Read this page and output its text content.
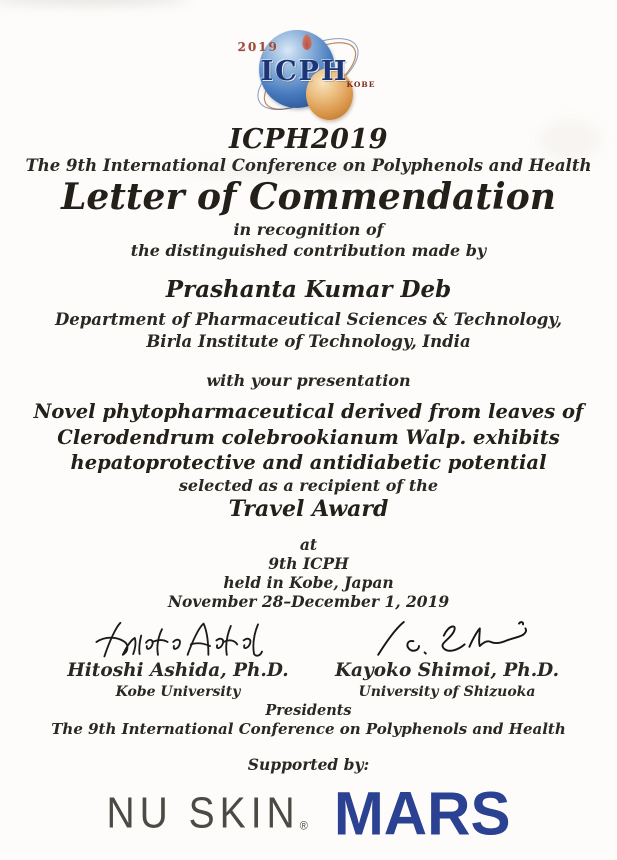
2019
ICPH
KOBE
ICPH2019
The 9th International Conference on Polyphenols and Health
Letter of Commendation
in recognition of
the distinguished contribution made by
Prashanta Kumar Deb
Department of Pharmaceutical Sciences & Technology,
Birla Institute of Technology, India
with your presentation
Novel phytopharmaceutical derived from leaves of
Clerodendrum colebrookianum Walp. exhibits
hepatoprotective and antidiabetic potential
selected as a recipient of the
Travel Award
at
9th ICPH
held in Kobe, Japan
November 28–December 1, 2019
Hitoshi Ashida, Ph.D.
Kobe University
Kayoko Shimoi, Ph.D.
University of Shizuoka
Presidents
The 9th International Conference on Polyphenols and Health
Supported by:
NU SKIN® MARS
